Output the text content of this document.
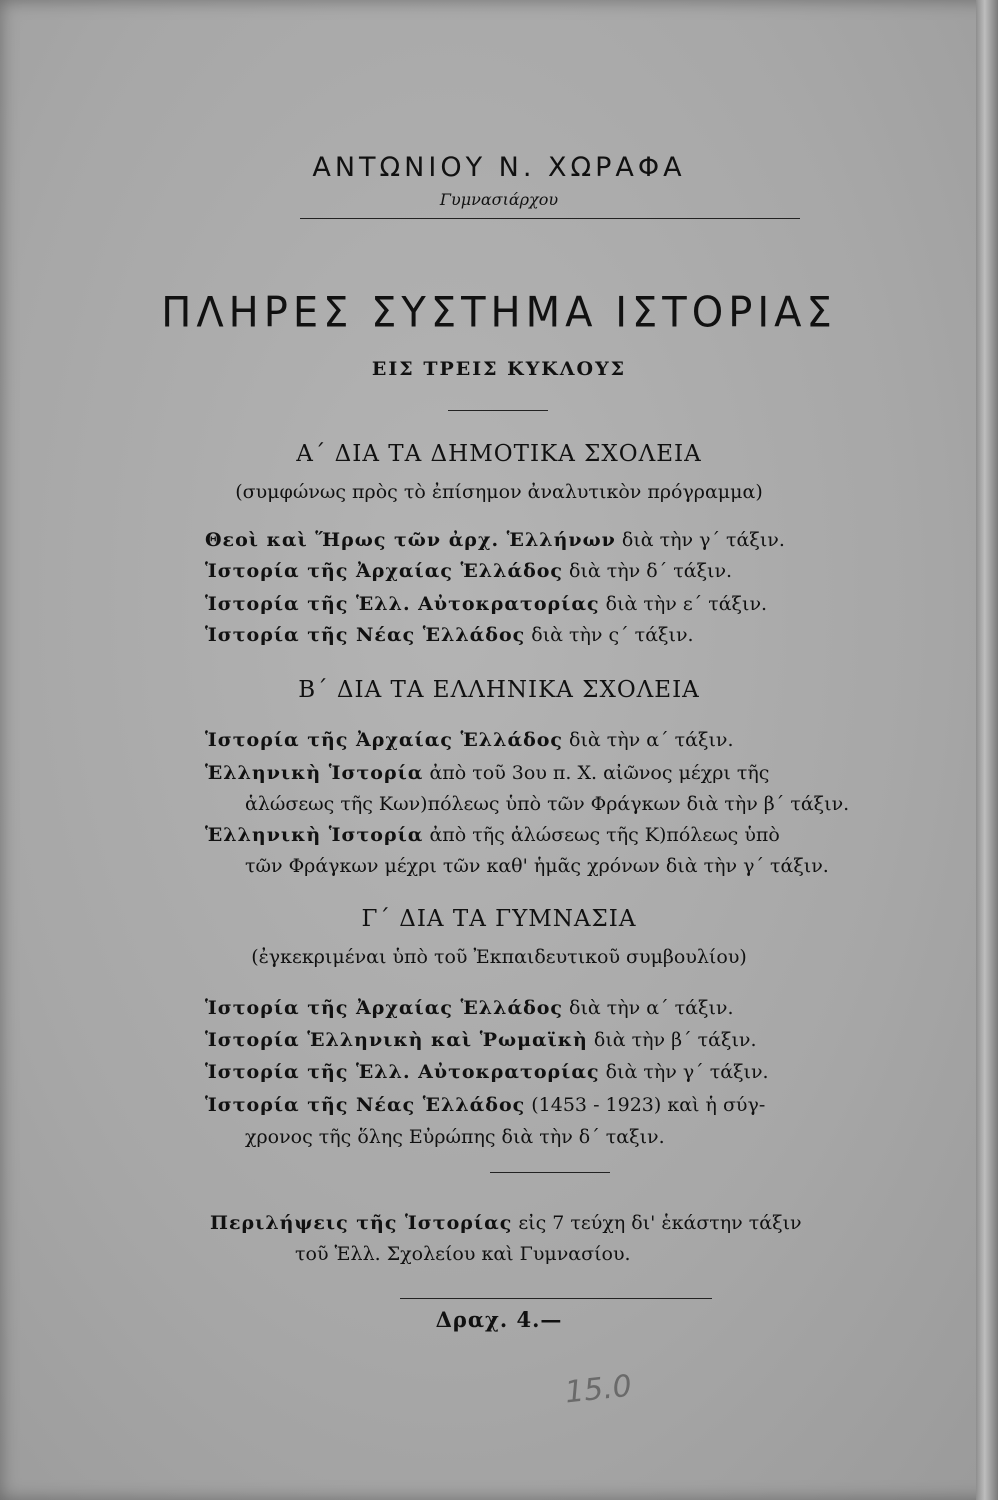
ΑΝΤΩΝΙΟΥ Ν. ΧΩΡΑΦΑ
Γυμνασιάρχου
ΠΛΗΡΕΣ ΣΥΣΤΗΜΑ ΙΣΤΟΡΙΑΣ
ΕΙΣ ΤΡΕΙΣ ΚΥΚΛΟΥΣ
Α΄ ΔΙΑ ΤΑ ΔΗΜΟΤΙΚΑ ΣΧΟΛΕΙΑ
(συμφώνως πρὸς τὸ ἐπίσημον ἀναλυτικὸν πρόγραμμα)
Θεοὶ καὶ Ἥρως τῶν ἀρχ. Ἑλλήνων διὰ τὴν γ΄ τάξιν.
Ἱστορία τῆς Ἀρχαίας Ἑλλάδος διὰ τὴν δ΄ τάξιν.
Ἱστορία τῆς Ἑλλ. Αὐτοκρατορίας διὰ τὴν ε΄ τάξιν.
Ἱστορία τῆς Νέας Ἑλλάδος διὰ τὴν ς΄ τάξιν.
Β΄ ΔΙΑ ΤΑ ΕΛΛΗΝΙΚΑ ΣΧΟΛΕΙΑ
Ἱστορία τῆς Ἀρχαίας Ἑλλάδος διὰ τὴν α΄ τάξιν.
Ἑλληνικὴ Ἱστορία ἀπὸ τοῦ 3ου π. Χ. αἰῶνος μέχρι τῆς
ἁλώσεως τῆς Κων)πόλεως ὑπὸ τῶν Φράγκων διὰ τὴν β΄ τάξιν.
Ἑλληνικὴ Ἱστορία ἀπὸ τῆς ἁλώσεως τῆς Κ)πόλεως ὑπὸ
τῶν Φράγκων μέχρι τῶν καθ' ἡμᾶς χρόνων διὰ τὴν γ΄ τάξιν.
Γ΄ ΔΙΑ ΤΑ ΓΥΜΝΑΣΙΑ
(ἐγκεκριμέναι ὑπὸ τοῦ Ἐκπαιδευτικοῦ συμβουλίου)
Ἱστορία τῆς Ἀρχαίας Ἑλλάδος διὰ τὴν α΄ τάξιν.
Ἱστορία Ἑλληνικὴ καὶ Ῥωμαϊκὴ διὰ τὴν β΄ τάξιν.
Ἱστορία τῆς Ἑλλ. Αὐτοκρατορίας διὰ τὴν γ΄ τάξιν.
Ἱστορία τῆς Νέας Ἑλλάδος (1453 - 1923) καὶ ἡ σύγ-
χρονος τῆς ὅλης Εὐρώπης διὰ τὴν δ΄ ταξιν.
Περιλήψεις τῆς Ἱστορίας εἰς 7 τεύχη δι' ἑκάστην τάξιν
τοῦ Ἑλλ. Σχολείου καὶ Γυμνασίου.
Δραχ. 4.—
15.0
